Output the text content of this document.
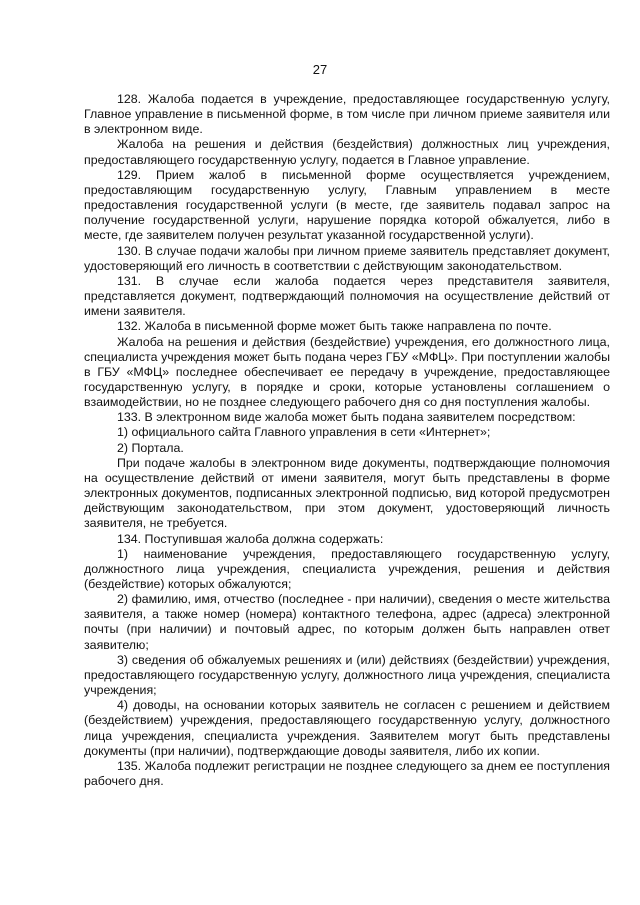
27

128. Жалоба подается в учреждение, предоставляющее государственную услугу, Главное управление в письменной форме, в том числе при личном приеме заявителя или в электронном виде.

Жалоба на решения и действия (бездействия) должностных лиц учреждения, предоставляющего государственную услугу, подается в Главное управление.

129. Прием жалоб в письменной форме осуществляется учреждением, предоставляющим государственную услугу, Главным управлением в месте предоставления государственной услуги (в месте, где заявитель подавал запрос на получение государственной услуги, нарушение порядка которой обжалуется, либо в месте, где заявителем получен результат указанной государственной услуги).

130. В случае подачи жалобы при личном приеме заявитель представляет документ, удостоверяющий его личность в соответствии с действующим законодательством.

131. В случае если жалоба подается через представителя заявителя, представляется документ, подтверждающий полномочия на осуществление действий от имени заявителя.

132. Жалоба в письменной форме может быть также направлена по почте.

Жалоба на решения и действия (бездействие) учреждения, его должностного лица, специалиста учреждения может быть подана через ГБУ «МФЦ». При поступлении жалобы в ГБУ «МФЦ» последнее обеспечивает ее передачу в учреждение, предоставляющее государственную услугу, в порядке и сроки, которые установлены соглашением о взаимодействии, но не позднее следующего рабочего дня со дня поступления жалобы.

133. В электронном виде жалоба может быть подана заявителем посредством:

1) официального сайта Главного управления в сети «Интернет»;

2) Портала.

При подаче жалобы в электронном виде документы, подтверждающие полномочия на осуществление действий от имени заявителя, могут быть представлены в форме электронных документов, подписанных электронной подписью, вид которой предусмотрен действующим законодательством, при этом документ, удостоверяющий личность заявителя, не требуется.

134. Поступившая жалоба должна содержать:

1) наименование учреждения, предоставляющего государственную услугу, должностного лица учреждения, специалиста учреждения, решения и действия (бездействие) которых обжалуются;

2) фамилию, имя, отчество (последнее - при наличии), сведения о месте жительства заявителя, а также номер (номера) контактного телефона, адрес (адреса) электронной почты (при наличии) и почтовый адрес, по которым должен быть направлен ответ заявителю;

3) сведения об обжалуемых решениях и (или) действиях (бездействии) учреждения, предоставляющего государственную услугу, должностного лица учреждения, специалиста учреждения;

4) доводы, на основании которых заявитель не согласен с решением и действием (бездействием) учреждения, предоставляющего государственную услугу, должностного лица учреждения, специалиста учреждения. Заявителем могут быть представлены документы (при наличии), подтверждающие доводы заявителя, либо их копии.

135. Жалоба подлежит регистрации не позднее следующего за днем ее поступления рабочего дня.
